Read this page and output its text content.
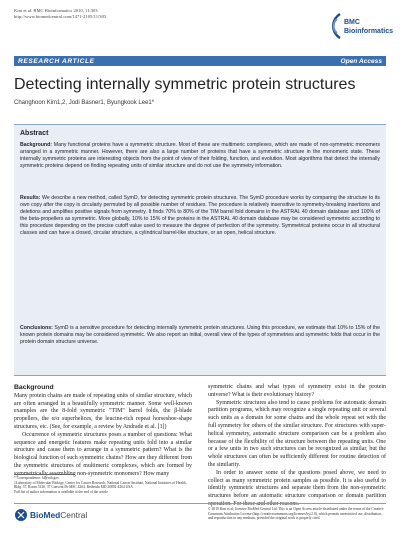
Kim et al. BMC Bioinformatics 2010, 11:303
http://www.biomedcentral.com/1471-2105/11/303
BMC
Bioinformatics
RESEARCH ARTICLE	Open Access
Detecting internally symmetric protein structures
Changhoon Kim1,2, Jodi Basner1, Byungkook Lee1*
Abstract
Background: Many functional proteins have a symmetric structure. Most of these are multimeric complexes, which are made of non-symmetric monomers arranged in a symmetric manner. However, there are also a large number of proteins that have a symmetric structure in the monomeric state. These internally symmetric proteins are interesting objects from the point of view of their folding, function, and evolution. Most algorithms that detect the internally symmetric proteins depend on finding repeating units of similar structure and do not use the symmetry information.
Results: We describe a new method, called SymD, for detecting symmetric protein structures. The SymD procedure works by comparing the structure to its own copy after the copy is circularly permuted by all possible number of residues. The procedure is relatively insensitive to symmetry-breaking insertions and deletions and amplifies positive signals from symmetry. It finds 70% to 80% of the TIM barrel fold domains in the ASTRAL 40 domain database and 100% of the beta-propellers as symmetric. More globally, 10% to 15% of the proteins in the ASTRAL 40 domain database may be considered symmetric according to this procedure depending on the precise cutoff value used to measure the degree of perfection of the symmetry. Symmetrical proteins occur in all structural classes and can have a closed, circular structure, a cylindrical barrel-like structure, or an open, helical structure.
Conclusions: SymD is a sensitive procedure for detecting internally symmetric protein structures. Using this procedure, we estimate that 10% to 15% of the known protein domains may be considered symmetric. We also report an initial, overall view of the types of symmetries and symmetric folds that occur in the protein domain structure universe.
Background

Many protein chains are made of repeating units of similar structure, which are often arranged in a beautifully symmetric manner. Some well-known examples are the 8-fold symmetric "TIM" barrel folds, the β-blade propellers, the α/α superhelices, the leucine-rich repeat horseshoe-shape structures, etc. (See, for example, a review by Andrade et al. [1])

Occurrence of symmetric structures poses a number of questions: What sequence and energetic features make repeating units fold into a similar structure and cause them to arrange in a symmetric pattern? What is the biological function of such symmetric chains? How are they different from the symmetric structures of multimeric complexes, which are formed by symmetrically assembling non-symmetric monomers? How many

symmetric chains and what types of symmetry exist in the protein universe? What is their evolutionary history?

Symmetric structures also tend to cause problems for automatic domain partition programs, which may recognize a single repeating unit or several such units as a domain for some chains and the whole repeat set with the full symmetry for others of the similar structure. For structures with super-helical symmetry, automatic structure comparison can be a problem also because of the flexibility of the structure between the repeating units. One or a few units in two such structures can be recognized as similar, but the whole structures can often be sufficiently different for routine detection of the similarity.

In order to answer some of the questions posed above, we need to collect as many symmetric protein samples as possible. It is also useful to identify symmetric structures and separate them from the non-symmetric structures before an automatic structure comparison or domain partition operation. For these and other reasons.

* Correspondence: bl@nih.gov
1Laboratory of Molecular Biology, Center for Cancer Research, National Cancer Institute, National Institutes of Health, Bldg. 37, Room 5120, 37 Convent Dr MSC 4264, Bethesda MD 20892-4264 USA
Full list of author information is available at the end of the article
BioMedCentral
© 2010 Kim et al; licensee BioMed Central Ltd. This is an Open Access article distributed under the terms of the Creative Commons Attribution License (http://creativecommons.org/licenses/by/2.0), which permits unrestricted use, distribution, and reproduction in any medium, provided the original work is properly cited.
